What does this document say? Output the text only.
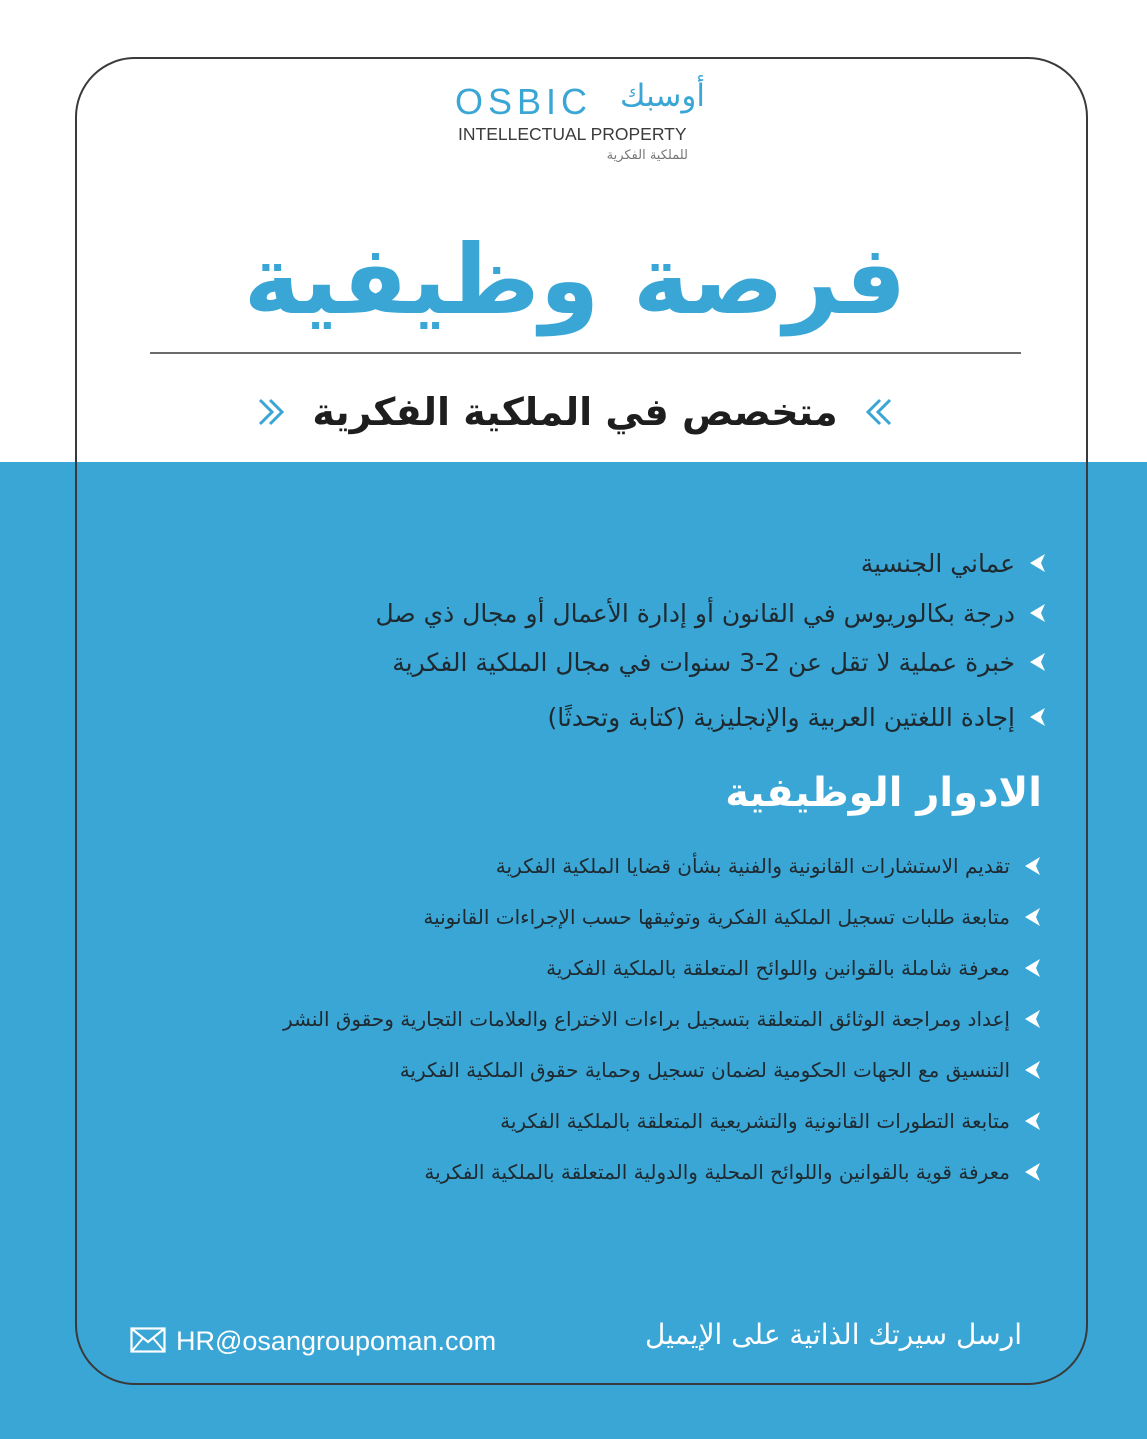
OSBIC أوسبك
INTELLECTUAL PROPERTY
للملكية الفكرية
فرصة وظيفية
متخصص في الملكية الفكرية
عماني الجنسية
درجة بكالوريوس في القانون أو إدارة الأعمال أو مجال ذي صل
خبرة عملية لا تقل عن 2-3 سنوات في مجال الملكية الفكرية
إجادة اللغتين العربية والإنجليزية (كتابة وتحدثًا)
الادوار الوظيفية
تقديم الاستشارات القانونية والفنية بشأن قضايا الملكية الفكرية
متابعة طلبات تسجيل الملكية الفكرية وتوثيقها حسب الإجراءات القانونية
معرفة شاملة بالقوانين واللوائح المتعلقة بالملكية الفكرية
إعداد ومراجعة الوثائق المتعلقة بتسجيل براءات الاختراع والعلامات التجارية وحقوق النشر
التنسيق مع الجهات الحكومية لضمان تسجيل وحماية حقوق الملكية الفكرية
متابعة التطورات القانونية والتشريعية المتعلقة بالملكية الفكرية
معرفة قوية بالقوانين واللوائح المحلية والدولية المتعلقة بالملكية الفكرية
ارسل سيرتك الذاتية على الإيميل
HR@osangroupoman.com
